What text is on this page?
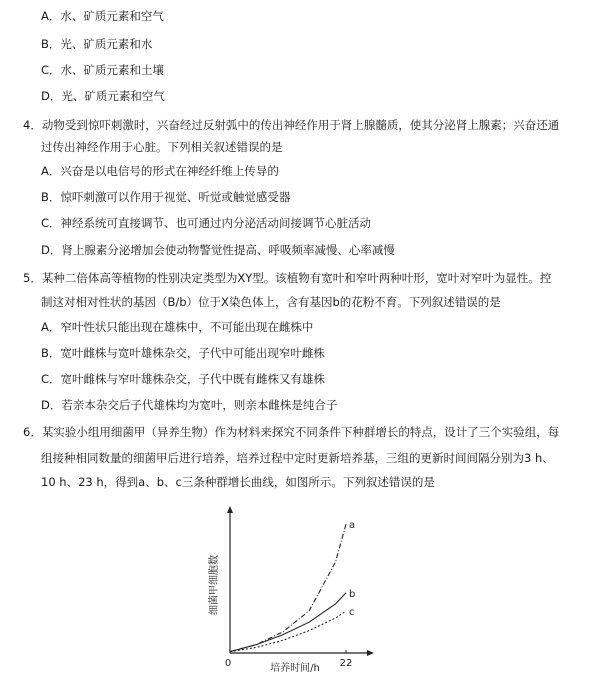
A．水、矿质元素和空气
B．光、矿质元素和水
C．水、矿质元素和土壤
D．光、矿质元素和空气
4．动物受到惊吓刺激时，兴奋经过反射弧中的传出神经作用于肾上腺髓质，使其分泌肾上腺素；兴奋还通
过传出神经作用于心脏。下列相关叙述错误的是
A．兴奋是以电信号的形式在神经纤维上传导的
B．惊吓刺激可以作用于视觉、听觉或触觉感受器
C．神经系统可直接调节、也可通过内分泌活动间接调节心脏活动
D．肾上腺素分泌增加会使动物警觉性提高、呼吸频率减慢、心率减慢
5．某种二倍体高等植物的性别决定类型为XY型。该植物有宽叶和窄叶两种叶形，宽叶对窄叶为显性。控
制这对相对性状的基因（B/b）位于X染色体上，含有基因b的花粉不育。下列叙述错误的是
A．窄叶性状只能出现在雄株中，不可能出现在雌株中
B．宽叶雌株与宽叶雄株杂交，子代中可能出现窄叶雌株
C．宽叶雌株与窄叶雄株杂交，子代中既有雌株又有雄株
D．若亲本杂交后子代雄株均为宽叶，则亲本雌株是纯合子
6．某实验小组用细菌甲（异养生物）作为材料来探究不同条件下种群增长的特点，设计了三个实验组，每
组接种相同数量的细菌甲后进行培养，培养过程中定时更新培养基，三组的更新时间间隔分别为3 h、
10 h、23 h，得到a、b、c三条种群增长曲线，如图所示。下列叙述错误的是
细菌甲细胞数
培养时间/h
0	22
a
b
c
